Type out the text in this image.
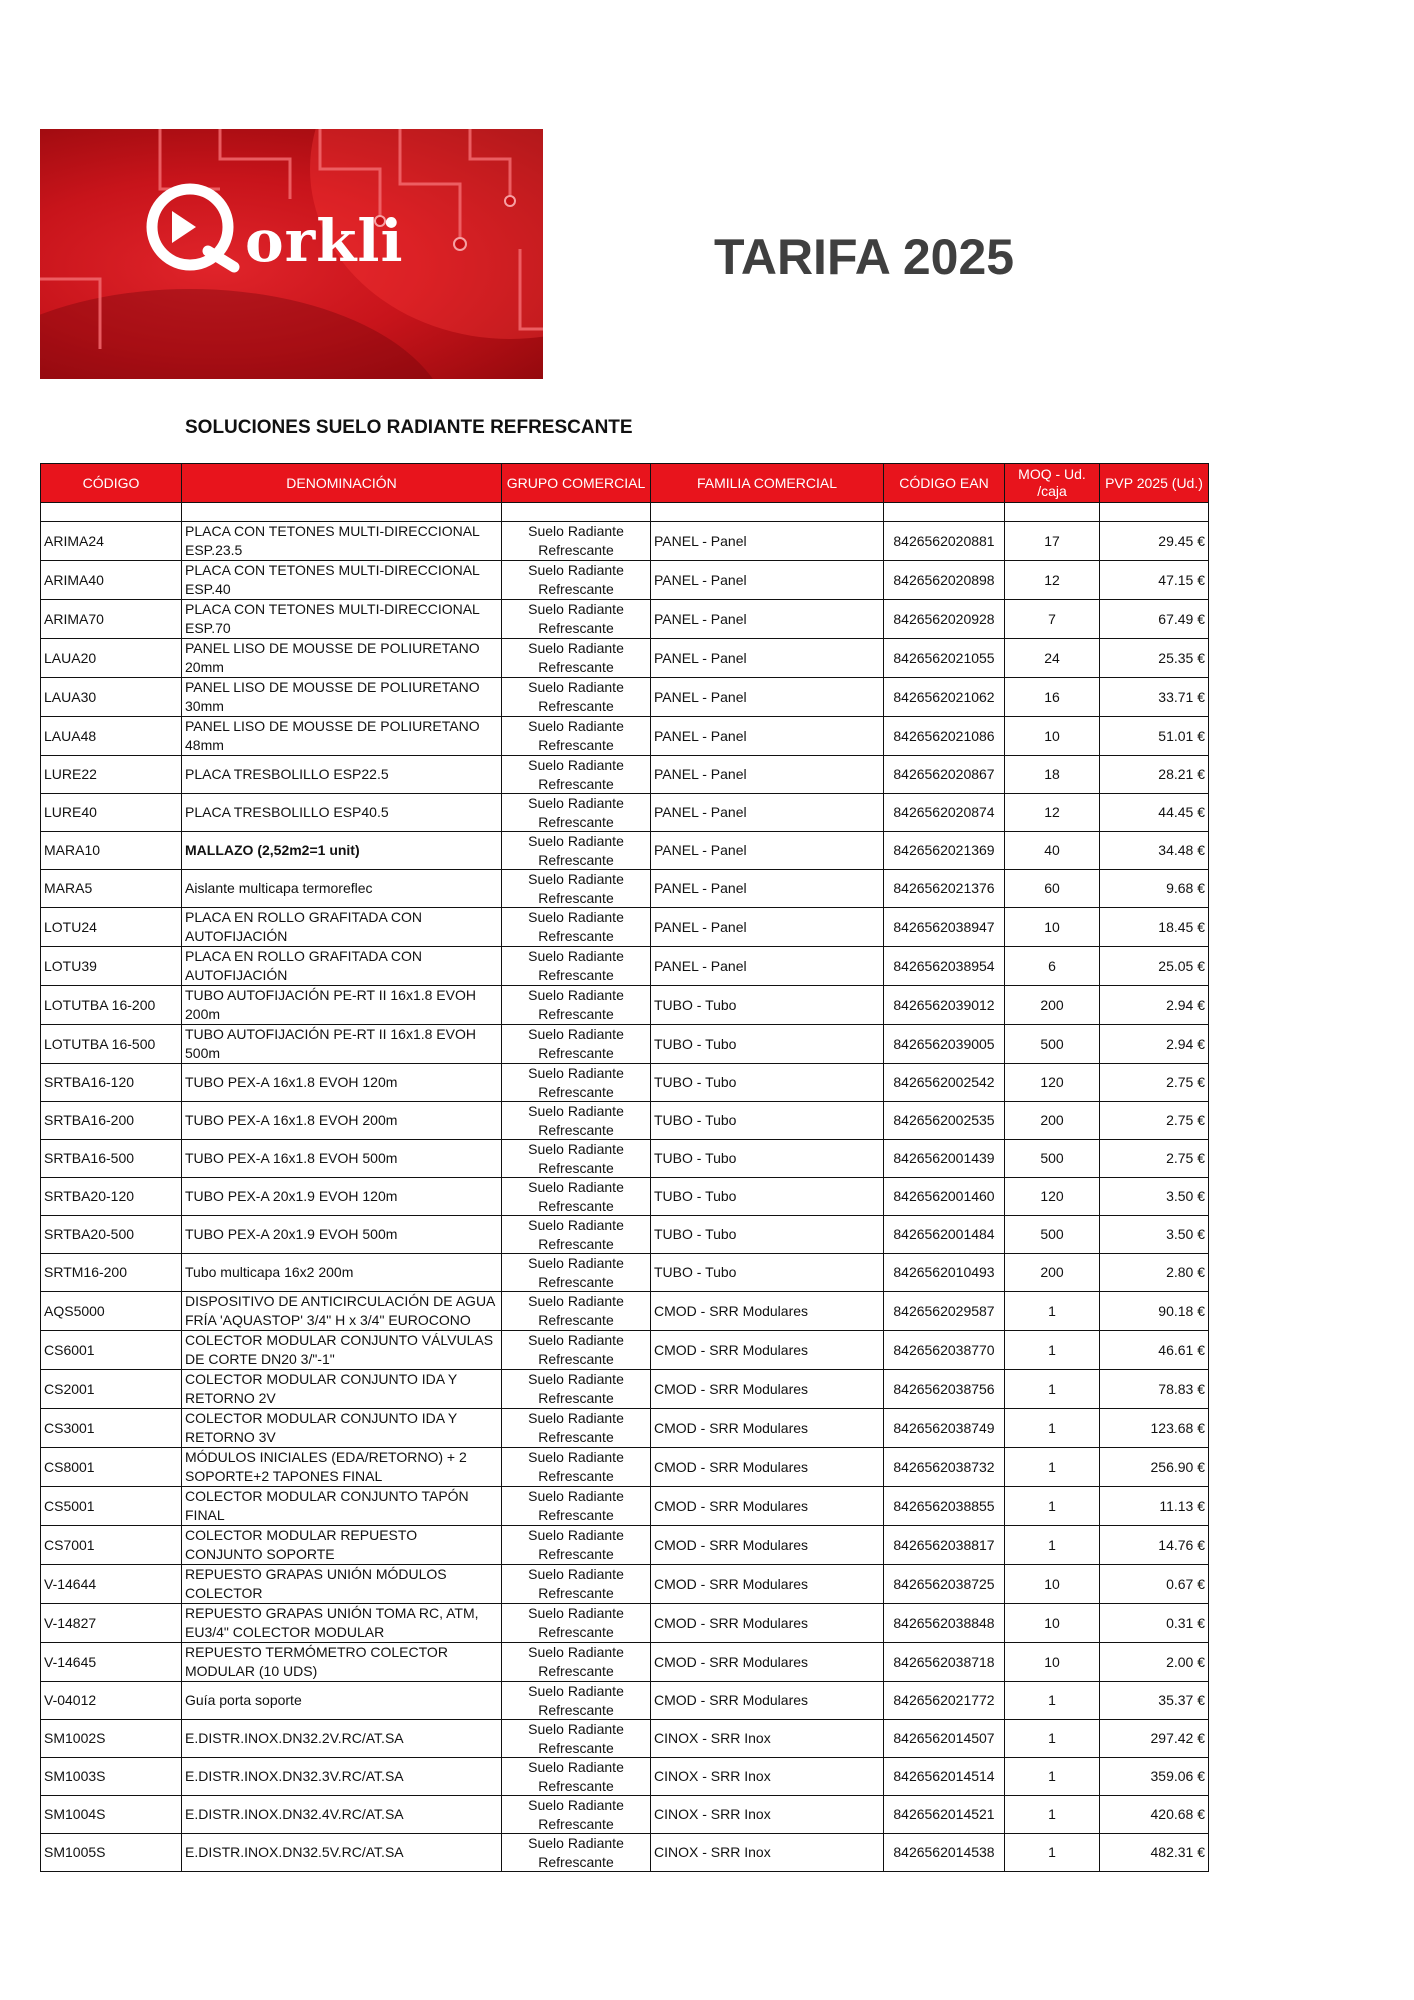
orkli	TARIFA 2025
SOLUCIONES SUELO RADIANTE REFRESCANTE
CÓDIGO	DENOMINACIÓN	GRUPO COMERCIAL	FAMILIA COMERCIAL	CÓDIGO EAN	MOQ - Ud. /caja	PVP 2025 (Ud.)

ARIMA24	PLACA CON TETONES MULTI-DIRECCIONAL ESP.23.5	Suelo Radiante Refrescante	PANEL - Panel	8426562020881	17	29.45 €
ARIMA40	PLACA CON TETONES MULTI-DIRECCIONAL ESP.40	Suelo Radiante Refrescante	PANEL - Panel	8426562020898	12	47.15 €
ARIMA70	PLACA CON TETONES MULTI-DIRECCIONAL ESP.70	Suelo Radiante Refrescante	PANEL - Panel	8426562020928	7	67.49 €
LAUA20	PANEL LISO DE MOUSSE DE POLIURETANO 20mm	Suelo Radiante Refrescante	PANEL - Panel	8426562021055	24	25.35 €
LAUA30	PANEL LISO DE MOUSSE DE POLIURETANO 30mm	Suelo Radiante Refrescante	PANEL - Panel	8426562021062	16	33.71 €
LAUA48	PANEL LISO DE MOUSSE DE POLIURETANO 48mm	Suelo Radiante Refrescante	PANEL - Panel	8426562021086	10	51.01 €
LURE22	PLACA TRESBOLILLO ESP22.5	Suelo Radiante Refrescante	PANEL - Panel	8426562020867	18	28.21 €
LURE40	PLACA TRESBOLILLO ESP40.5	Suelo Radiante Refrescante	PANEL - Panel	8426562020874	12	44.45 €
MARA10	MALLAZO (2,52m2=1 unit)	Suelo Radiante Refrescante	PANEL - Panel	8426562021369	40	34.48 €
MARA5	Aislante multicapa termoreflec	Suelo Radiante Refrescante	PANEL - Panel	8426562021376	60	9.68 €
LOTU24	PLACA EN ROLLO GRAFITADA CON AUTOFIJACIÓN	Suelo Radiante Refrescante	PANEL - Panel	8426562038947	10	18.45 €
LOTU39	PLACA EN ROLLO GRAFITADA CON AUTOFIJACIÓN	Suelo Radiante Refrescante	PANEL - Panel	8426562038954	6	25.05 €
LOTUTBA 16-200	TUBO AUTOFIJACIÓN PE-RT II 16x1.8 EVOH 200m	Suelo Radiante Refrescante	TUBO - Tubo	8426562039012	200	2.94 €
LOTUTBA 16-500	TUBO AUTOFIJACIÓN PE-RT II 16x1.8 EVOH 500m	Suelo Radiante Refrescante	TUBO - Tubo	8426562039005	500	2.94 €
SRTBA16-120	TUBO PEX-A 16x1.8 EVOH 120m	Suelo Radiante Refrescante	TUBO - Tubo	8426562002542	120	2.75 €
SRTBA16-200	TUBO PEX-A 16x1.8 EVOH 200m	Suelo Radiante Refrescante	TUBO - Tubo	8426562002535	200	2.75 €
SRTBA16-500	TUBO PEX-A 16x1.8 EVOH 500m	Suelo Radiante Refrescante	TUBO - Tubo	8426562001439	500	2.75 €
SRTBA20-120	TUBO PEX-A 20x1.9 EVOH 120m	Suelo Radiante Refrescante	TUBO - Tubo	8426562001460	120	3.50 €
SRTBA20-500	TUBO PEX-A 20x1.9 EVOH 500m	Suelo Radiante Refrescante	TUBO - Tubo	8426562001484	500	3.50 €
SRTM16-200	Tubo multicapa 16x2 200m	Suelo Radiante Refrescante	TUBO - Tubo	8426562010493	200	2.80 €
AQS5000	DISPOSITIVO DE ANTICIRCULACIÓN DE AGUA FRÍA 'AQUASTOP' 3/4" H x 3/4" EUROCONO	Suelo Radiante Refrescante	CMOD - SRR Modulares	8426562029587	1	90.18 €
CS6001	COLECTOR MODULAR CONJUNTO VÁLVULAS DE CORTE DN20 3/"-1"	Suelo Radiante Refrescante	CMOD - SRR Modulares	8426562038770	1	46.61 €
CS2001	COLECTOR MODULAR CONJUNTO IDA Y RETORNO 2V	Suelo Radiante Refrescante	CMOD - SRR Modulares	8426562038756	1	78.83 €
CS3001	COLECTOR MODULAR CONJUNTO IDA Y RETORNO 3V	Suelo Radiante Refrescante	CMOD - SRR Modulares	8426562038749	1	123.68 €
CS8001	MÓDULOS INICIALES (EDA/RETORNO) + 2 SOPORTE+2 TAPONES FINAL	Suelo Radiante Refrescante	CMOD - SRR Modulares	8426562038732	1	256.90 €
CS5001	COLECTOR MODULAR CONJUNTO TAPÓN FINAL	Suelo Radiante Refrescante	CMOD - SRR Modulares	8426562038855	1	11.13 €
CS7001	COLECTOR MODULAR REPUESTO CONJUNTO SOPORTE	Suelo Radiante Refrescante	CMOD - SRR Modulares	8426562038817	1	14.76 €
V-14644	REPUESTO GRAPAS UNIÓN MÓDULOS COLECTOR	Suelo Radiante Refrescante	CMOD - SRR Modulares	8426562038725	10	0.67 €
V-14827	REPUESTO GRAPAS UNIÓN TOMA RC, ATM, EU3/4" COLECTOR MODULAR	Suelo Radiante Refrescante	CMOD - SRR Modulares	8426562038848	10	0.31 €
V-14645	REPUESTO TERMÓMETRO COLECTOR MODULAR (10 UDS)	Suelo Radiante Refrescante	CMOD - SRR Modulares	8426562038718	10	2.00 €
V-04012	Guía porta soporte	Suelo Radiante Refrescante	CMOD - SRR Modulares	8426562021772	1	35.37 €
SM1002S	E.DISTR.INOX.DN32.2V.RC/AT.SA	Suelo Radiante Refrescante	CINOX - SRR Inox	8426562014507	1	297.42 €
SM1003S	E.DISTR.INOX.DN32.3V.RC/AT.SA	Suelo Radiante Refrescante	CINOX - SRR Inox	8426562014514	1	359.06 €
SM1004S	E.DISTR.INOX.DN32.4V.RC/AT.SA	Suelo Radiante Refrescante	CINOX - SRR Inox	8426562014521	1	420.68 €
SM1005S	E.DISTR.INOX.DN32.5V.RC/AT.SA	Suelo Radiante Refrescante	CINOX - SRR Inox	8426562014538	1	482.31 €
